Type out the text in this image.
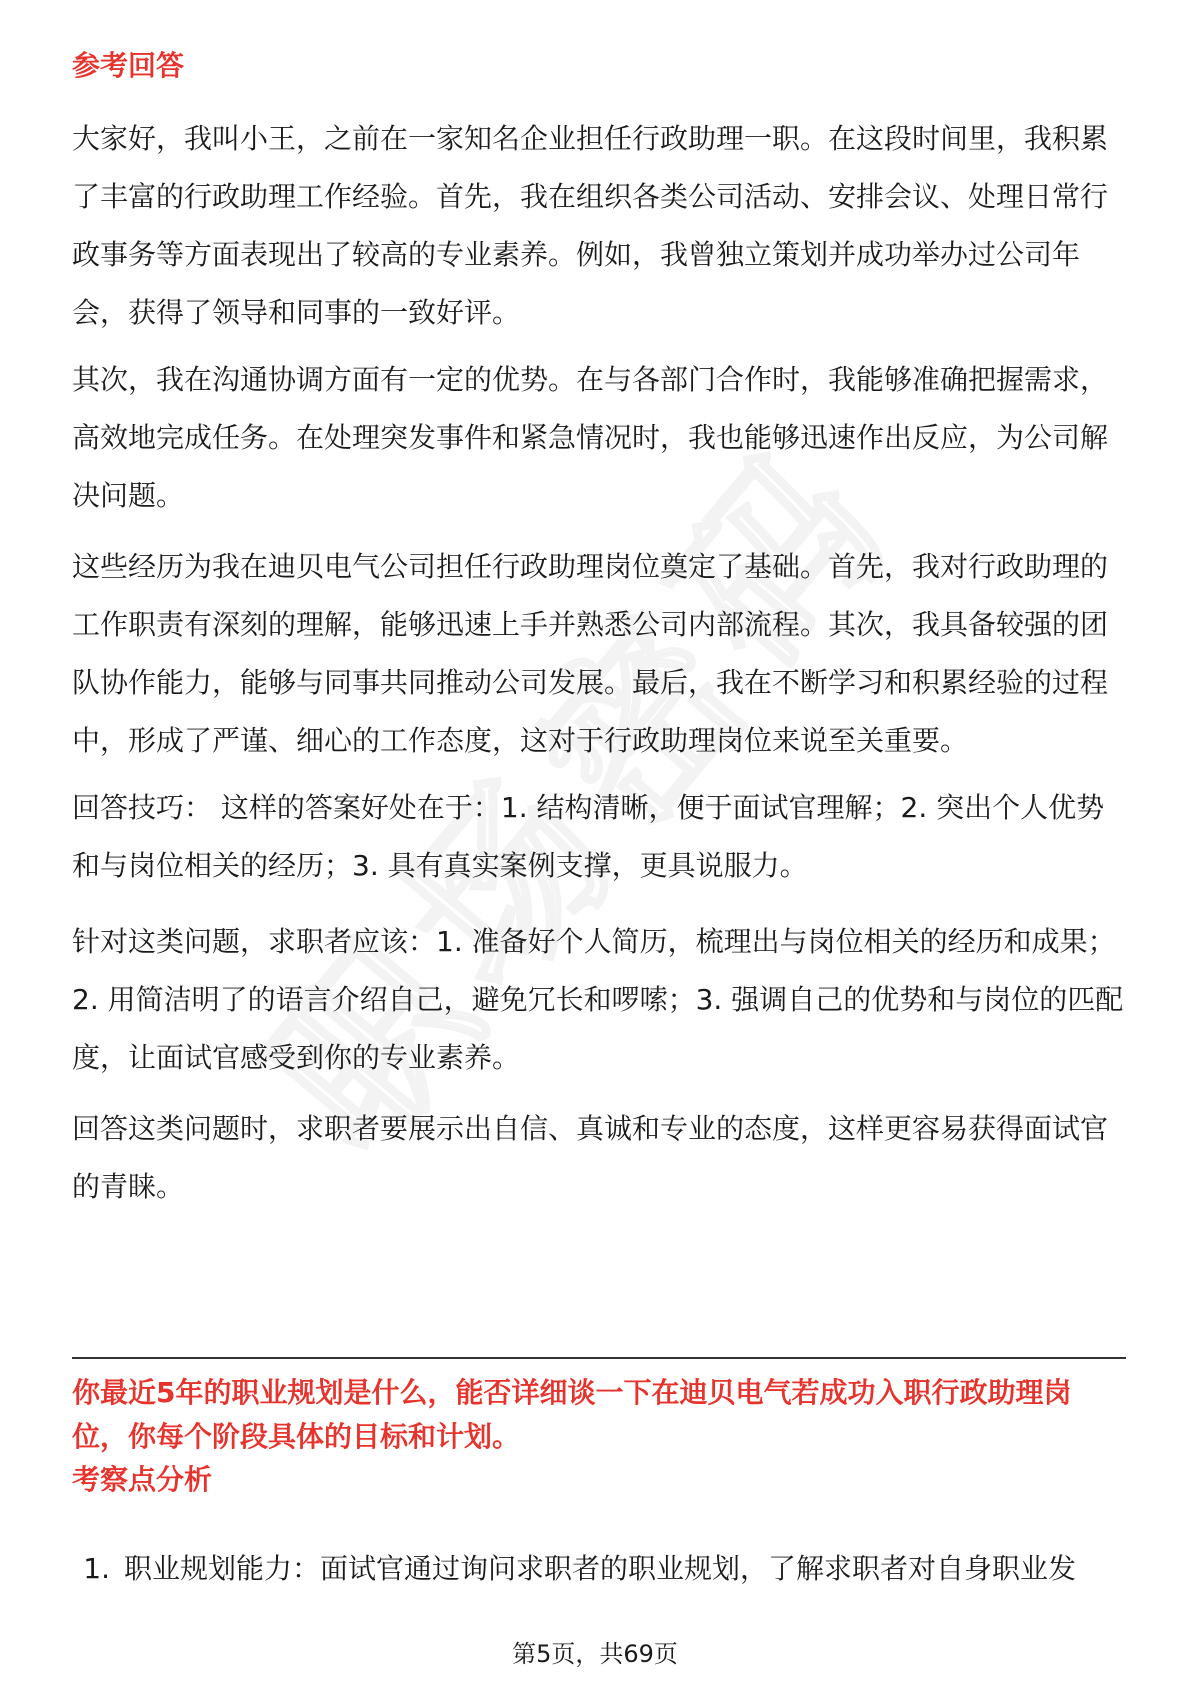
参考回答

大家好，我叫小王，之前在一家知名企业担任行政助理一职。在这段时间里，我积累了丰富的行政助理工作经验。首先，我在组织各类公司活动、安排会议、处理日常行政事务等方面表现出了较高的专业素养。例如，我曾独立策划并成功举办过公司年会，获得了领导和同事的一致好评。

其次，我在沟通协调方面有一定的优势。在与各部门合作时，我能够准确把握需求，高效地完成任务。在处理突发事件和紧急情况时，我也能够迅速作出反应，为公司解决问题。

这些经历为我在迪贝电气公司担任行政助理岗位奠定了基础。首先，我对行政助理的工作职责有深刻的理解，能够迅速上手并熟悉公司内部流程。其次，我具备较强的团队协作能力，能够与同事共同推动公司发展。最后，我在不断学习和积累经验的过程中，形成了严谨、细心的工作态度，这对于行政助理岗位来说至关重要。

回答技巧： 这样的答案好处在于：1. 结构清晰，便于面试官理解；2. 突出个人优势和与岗位相关的经历；3. 具有真实案例支撑，更具说服力。

针对这类问题，求职者应该：1. 准备好个人简历，梳理出与岗位相关的经历和成果；2. 用简洁明了的语言介绍自己，避免冗长和啰嗦；3. 强调自己的优势和与岗位的匹配度，让面试官感受到你的专业素养。

回答这类问题时，求职者要展示出自信、真诚和专业的态度，这样更容易获得面试官的青睐。

你最近5年的职业规划是什么，能否详细谈一下在迪贝电气若成功入职行政助理岗位，你每个阶段具体的目标和计划。
考察点分析
1. 职业规划能力：面试官通过询问求职者的职业规划，了解求职者对自身职业发
第5页，共69页
